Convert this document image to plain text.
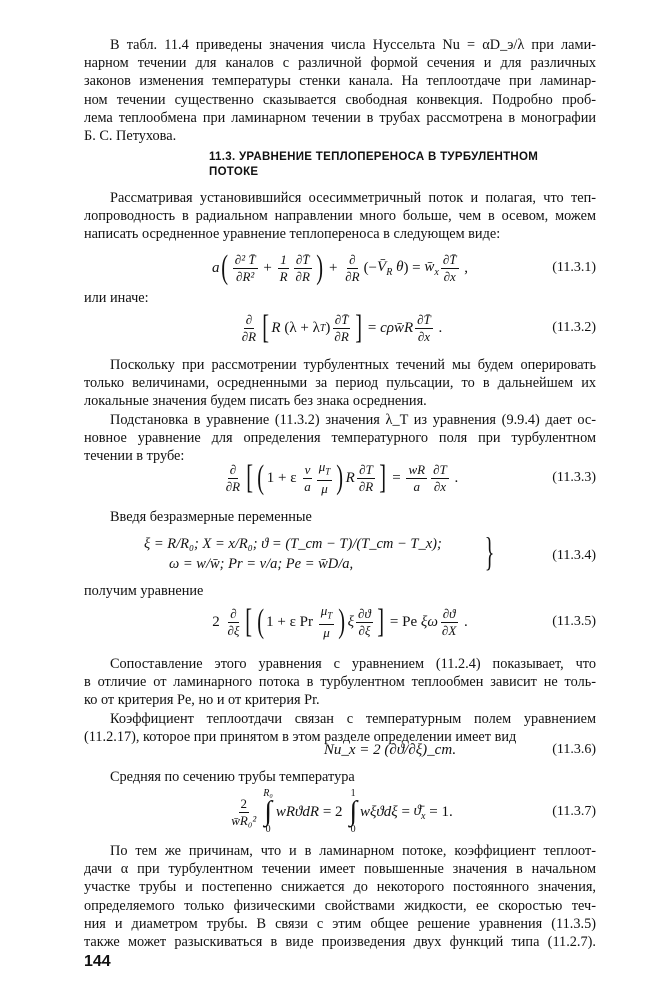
В табл. 11.4 приведены значения числа Нуссельта Nu = αD_э/λ при лами-
нарном течении для каналов с различной формой сечения и для различных
законов изменения температуры стенки канала. На теплоотдаче при ламинар-
ном течении существенно сказывается свободная конвекция. Подробно проб-
лема теплообмена при ламинарном течении в трубах рассмотрена в монографии
Б. С. Петухова.
11.3. УРАВНЕНИЕ ТЕПЛОПЕРЕНОСА В ТУРБУЛЕНТНОМ
ПОТОКЕ
Рассматривая установившийся осесимметричный поток и полагая, что теп-
лопроводность в радиальном направлении много больше, чем в осевом, можем
написать осредненное уравнение теплопереноса в следующем виде:
a ( $\frac{\text{∂² T̄}}{\text{∂R²}} + \frac{1}{R} \frac{\partial T̄}{\partial R}$ ) + $\frac{\partial}{\partial R}$ (− $V̄_R$ θ ) = $w̄_x \frac{\partial T̄}{\partial x}$ ,	(11.3.1)
или иначе:
$\frac{\partial}{\partial R}$ [ R (λ + λ T ) $\frac{\partial T̄}{\partial R}$ ] = cρw̄R $\frac{\partial T̄}{\partial x}$ .	(11.3.2)
Поскольку при рассмотрении турбулентных течений мы будем оперировать
только величинами, осредненными за период пульсации, то в дальнейшем их
локальные значения будем писать без знака осреднения.
Подстановка в уравнение (11.3.2) значения λ_T из уравнения (9.9.4) дает ос-
новное уравнение для определения температурного поля при турбулентном
течении в трубе:
$\frac{\partial}{\partial R}$ [ ( 1 + ε $\frac{\nu}{a} \frac{\mu_T}{\mu}$ ) R $\frac{\partial T}{\partial R}$ ] = $\frac{wR}{a} \frac{\partial T}{\partial x}$ .	(11.3.3)
Введя безразмерные переменные
ξ = R/R₀; X = x/R₀; ϑ = (T_ст − T)/(T_ст − T_x);
ω = w/w̄; Pr = ν/a; Pe = w̄D/a,	}	(11.3.4)
получим уравнение
$2 \frac{\partial}{\partial\xi}$ [ ( 1 + ε Pr $\frac{\mu_T}{\mu}$ ) ξ $\frac{\partial ϑ}{\partial\xi}$ ] = Pe ξω $\frac{\partial ϑ}{\partial X}$ .	(11.3.5)
Сопоставление этого уравнения с уравнением (11.2.4) показывает, что
в отличие от ламинарного потока в турбулентном теплообмен зависит не толь-
ко от критерия Pe, но и от критерия Pr.
Коэффициент теплоотдачи связан с температурным полем уравнением
(11.2.17), которое при принятом в этом разделе определении имеет вид
Nu_x = 2 (∂ϑ/∂ξ)_ст.	(11.3.6)
Средняя по сечению трубы температура
$\frac{2}{\text{w̄R₀²}}$
R₀
∫
0
wRϑdR = 2
1
∫
0
$w\xi ϑd\xi = ϑ̄_x = 1$.	(11.3.7)
По тем же причинам, что и в ламинарном потоке, коэффициент теплоот-
дачи α при турбулентном течении имеет повышенные значения в начальном
участке трубы и постепенно снижается до некоторого постоянного значения,
определяемого только физическими свойствами жидкости, ее скоростью теч-
ния и диаметром трубы. В связи с этим общее решение уравнения (11.3.5)
также может разыскиваться в виде произведения двух функций типа (11.2.7).
144
